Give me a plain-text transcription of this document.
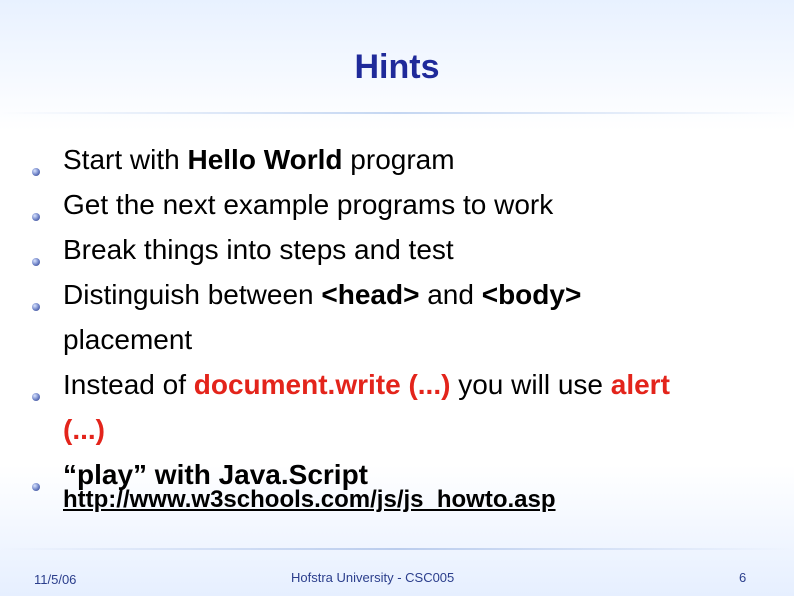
Hints
Start with Hello World program
Get the next example programs to work
Break things into steps and test
Distinguish between <head> and <body>
placement
Instead of document.write (...) you will use alert
(...)
“play” with Java.Script
http://www.w3schools.com/js/js_howto.asp
11/5/06	Hofstra University - CSC005	6
